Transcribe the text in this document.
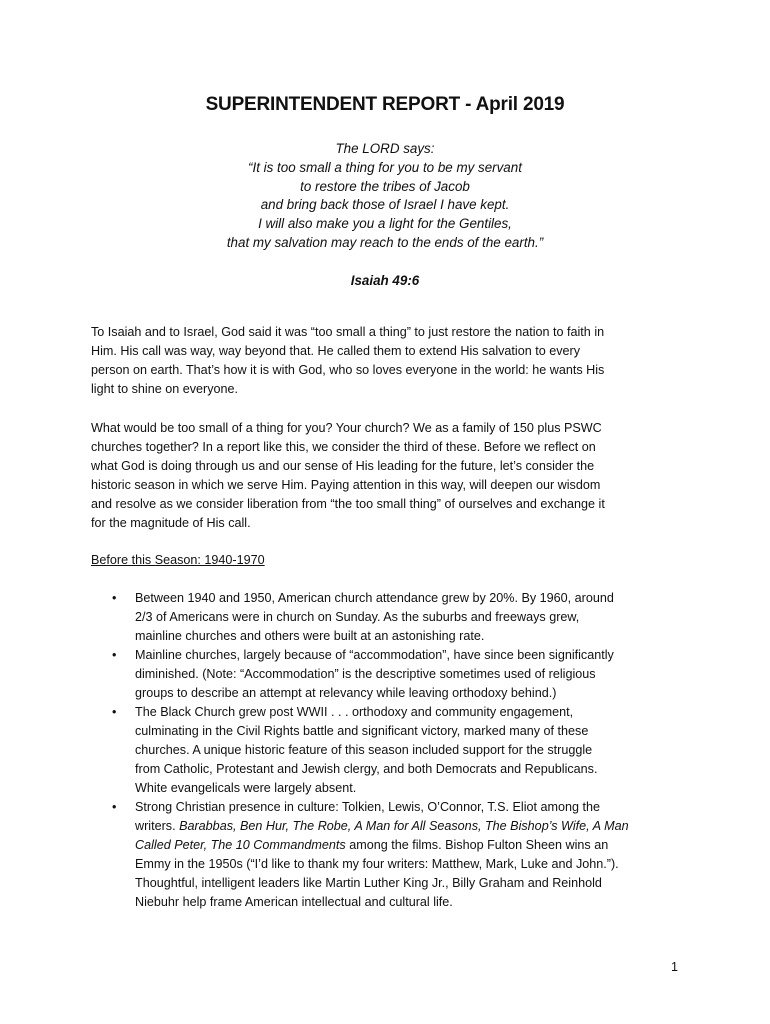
SUPERINTENDENT REPORT - April 2019
The LORD says:
“It is too small a thing for you to be my servant
to restore the tribes of Jacob
and bring back those of Israel I have kept.
I will also make you a light for the Gentiles,
that my salvation may reach to the ends of the earth.”
Isaiah 49:6
To Isaiah and to Israel, God said it was “too small a thing” to just restore the nation to faith in
Him. His call was way, way beyond that. He called them to extend His salvation to every
person on earth. That’s how it is with God, who so loves everyone in the world: he wants His
light to shine on everyone.
What would be too small of a thing for you? Your church? We as a family of 150 plus PSWC
churches together? In a report like this, we consider the third of these. Before we reflect on
what God is doing through us and our sense of His leading for the future, let’s consider the
historic season in which we serve Him. Paying attention in this way, will deepen our wisdom
and resolve as we consider liberation from “the too small thing” of ourselves and exchange it
for the magnitude of His call.
Before this Season: 1940-1970
• Between 1940 and 1950, American church attendance grew by 20%. By 1960, around
2/3 of Americans were in church on Sunday. As the suburbs and freeways grew,
mainline churches and others were built at an astonishing rate.
• Mainline churches, largely because of “accommodation”, have since been significantly
diminished. (Note: “Accommodation” is the descriptive sometimes used of religious
groups to describe an attempt at relevancy while leaving orthodoxy behind.)
• The Black Church grew post WWII . . . orthodoxy and community engagement,
culminating in the Civil Rights battle and significant victory, marked many of these
churches. A unique historic feature of this season included support for the struggle
from Catholic, Protestant and Jewish clergy, and both Democrats and Republicans.
White evangelicals were largely absent.
• Strong Christian presence in culture: Tolkien, Lewis, O’Connor, T.S. Eliot among the
writers. Barabbas, Ben Hur, The Robe, A Man for All Seasons, The Bishop’s Wife, A Man
Called Peter, The 10 Commandments among the films. Bishop Fulton Sheen wins an
Emmy in the 1950s (“I’d like to thank my four writers: Matthew, Mark, Luke and John.”).
Thoughtful, intelligent leaders like Martin Luther King Jr., Billy Graham and Reinhold
Niebuhr help frame American intellectual and cultural life.
1
